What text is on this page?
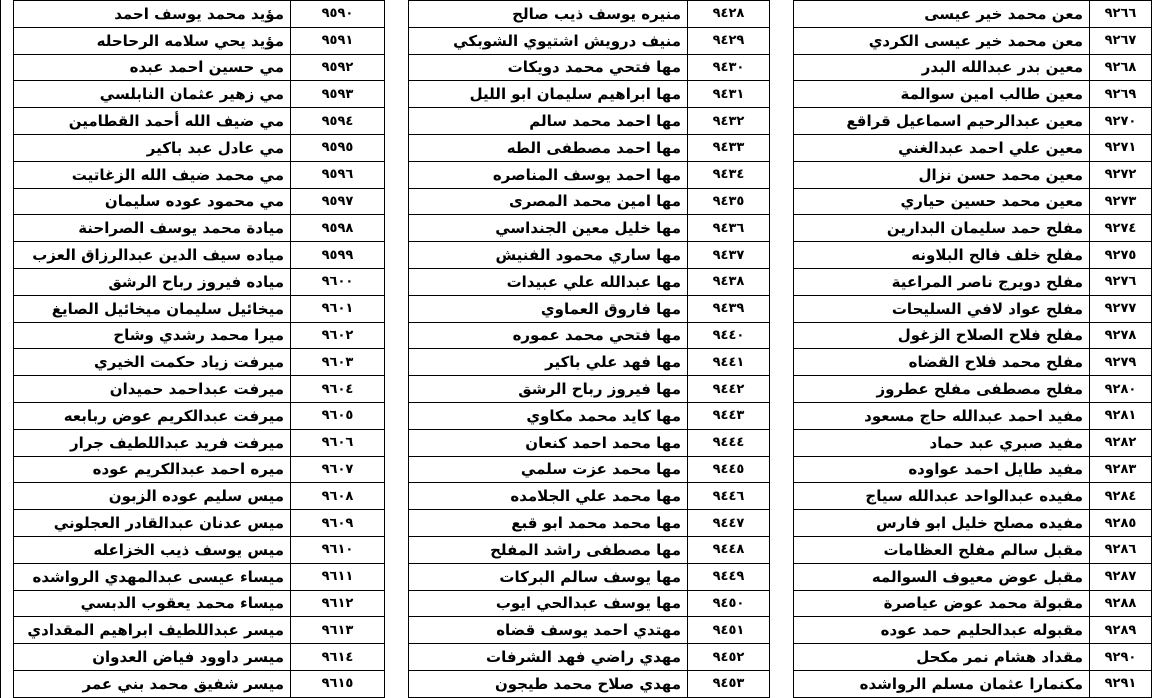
٩٢٦٦	معن محمد خير عيسى
٩٢٦٧	معن محمد خير عيسى الكردي
٩٢٦٨	معين بدر عبدالله البدر
٩٢٦٩	معين طالب امين سوالمة
٩٢٧٠	معين عبدالرحيم اسماعيل قراقع
٩٢٧١	معين علي احمد عبدالغني
٩٢٧٢	معين محمد حسن نزال
٩٢٧٣	معين محمد حسين حياري
٩٢٧٤	مفلح حمد سليمان البدارين
٩٢٧٥	مفلح خلف فالح البلاونه
٩٢٧٦	مفلح دويرج ناصر المراعية
٩٢٧٧	مفلح عواد لافي السليحات
٩٢٧٨	مفلح فلاح الصلاح الزغول
٩٢٧٩	مفلح محمد فلاح القضاه
٩٢٨٠	مفلح مصطفى مفلح عطروز
٩٢٨١	مفيد احمد عبدالله حاج مسعود
٩٢٨٢	مفيد صبري عبد حماد
٩٢٨٣	مفيد طايل احمد عواوده
٩٢٨٤	مفيده عبدالواحد عبدالله سياج
٩٢٨٥	مفيده مصلح خليل ابو فارس
٩٢٨٦	مقبل سالم مفلح العظامات
٩٢٨٧	مقبل عوض معيوف السوالمه
٩٢٨٨	مقبولة محمد عوض عياصرة
٩٢٨٩	مقبوله عبدالحليم حمد عوده
٩٢٩٠	مقداد هشام نمر مكحل
٩٢٩١	مكنمارا عثمان مسلم الرواشده
٩٤٢٨	منيره يوسف ذيب صالح
٩٤٢٩	منيف درويش اشتيوي الشوبكي
٩٤٣٠	مها فتحي محمد دويكات
٩٤٣١	مها ابراهيم سليمان ابو الليل
٩٤٣٢	مها احمد محمد سالم
٩٤٣٣	مها احمد مصطفى الطه
٩٤٣٤	مها احمد يوسف المناصره
٩٤٣٥	مها امين محمد المصرى
٩٤٣٦	مها خليل معين الجنداسي
٩٤٣٧	مها ساري محمود الفنيش
٩٤٣٨	مها عبدالله علي عبيدات
٩٤٣٩	مها فاروق العماوي
٩٤٤٠	مها فتحي محمد عموره
٩٤٤١	مها فهد علي باكير
٩٤٤٢	مها فيروز رباح الرشق
٩٤٤٣	مها كايد محمد مكاوي
٩٤٤٤	مها محمد احمد كنعان
٩٤٤٥	مها محمد عزت سلمي
٩٤٤٦	مها محمد علي الجلامده
٩٤٤٧	مها محمد محمد ابو قبع
٩٤٤٨	مها مصطفى راشد المفلح
٩٤٤٩	مها يوسف سالم البركات
٩٤٥٠	مها يوسف عبدالحي ايوب
٩٤٥١	مهتدي احمد يوسف قضاه
٩٤٥٢	مهدي راضي فهد الشرفات
٩٤٥٣	مهدي صلاح محمد طيجون
٩٥٩٠	مؤيد محمد يوسف احمد
٩٥٩١	مؤيد يحي سلامه الرحاحله
٩٥٩٢	مي حسين احمد عبده
٩٥٩٣	مي زهير عثمان النابلسي
٩٥٩٤	مي ضيف الله أحمد القطامين
٩٥٩٥	مي عادل عبد باكير
٩٥٩٦	مي محمد ضيف الله الزغاتيت
٩٥٩٧	مي محمود عوده سليمان
٩٥٩٨	ميادة محمد يوسف الصراحنة
٩٥٩٩	مياده سيف الدين عبدالرزاق العزب
٩٦٠٠	مياده فيروز رباح الرشق
٩٦٠١	ميخائيل سليمان ميخائيل الصايغ
٩٦٠٢	ميرا محمد رشدي وشاح
٩٦٠٣	ميرفت زياد حكمت الخيري
٩٦٠٤	ميرفت عبداحمد حميدان
٩٦٠٥	ميرفت عبدالكريم عوض ربابعه
٩٦٠٦	ميرفت فريد عبداللطيف جرار
٩٦٠٧	ميره احمد عبدالكريم عوده
٩٦٠٨	ميس سليم عوده الزبون
٩٦٠٩	ميس عدنان عبدالقادر العجلوني
٩٦١٠	ميس يوسف ذيب الخزاعله
٩٦١١	ميساء عيسى عبدالمهدي الرواشده
٩٦١٢	ميساء محمد يعقوب الدبسي
٩٦١٣	ميسر عبداللطيف ابراهيم المقدادي
٩٦١٤	ميسر داوود فياض العدوان
٩٦١٥	ميسر شفيق محمد بني عمر
